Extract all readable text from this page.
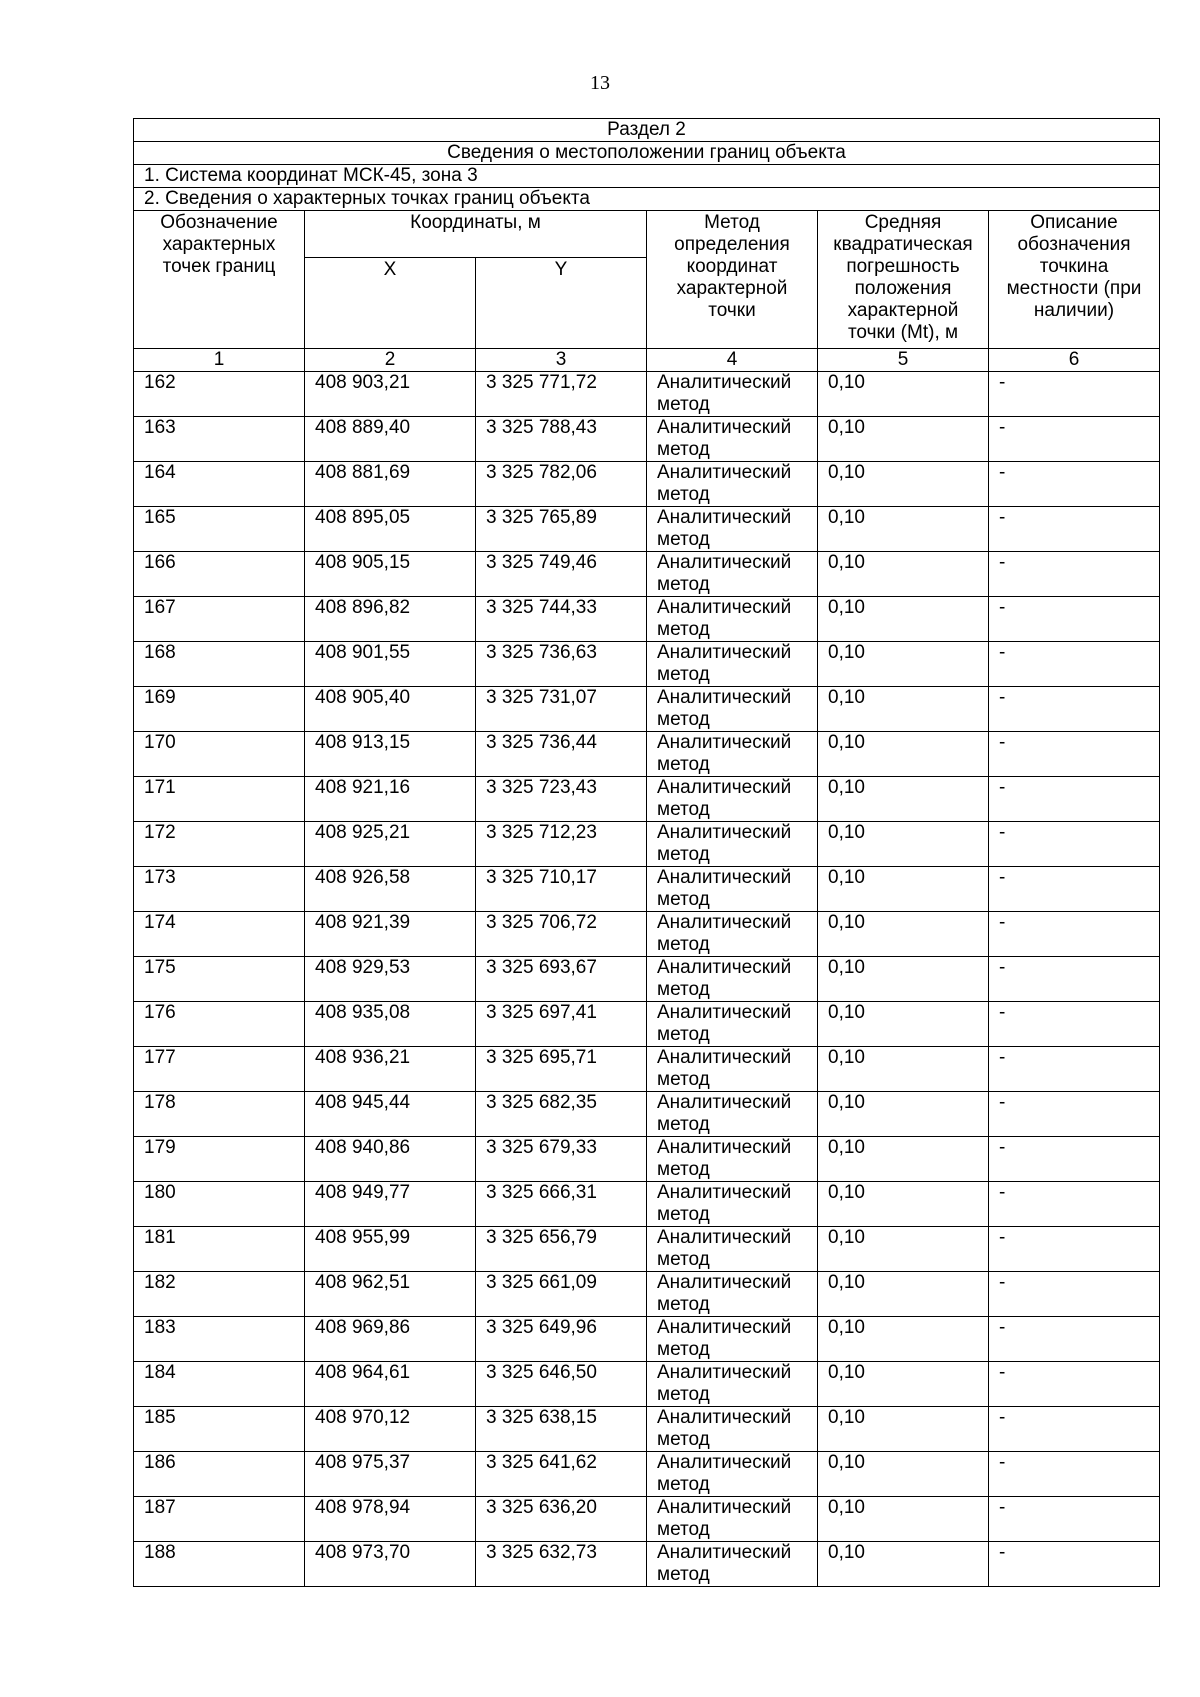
13
Раздел 2					
Сведения о местоположении границ объекта					
1. Система координат МСК-45, зона 3					
2. Сведения о характерных точках границ объекта					
Обозначение характерных точек границ	Координаты, м		Метод определения координат характерной точки	Средняя квадратическая погрешность положения характерной точки (Mt), м	Описание обозначения точкина местности (при наличии)
	X	Y			
1	2	3	4	5	6
162	408 903,21	3 325 771,72	Аналитический метод	0,10	-
163	408 889,40	3 325 788,43	Аналитический метод	0,10	-
164	408 881,69	3 325 782,06	Аналитический метод	0,10	-
165	408 895,05	3 325 765,89	Аналитический метод	0,10	-
166	408 905,15	3 325 749,46	Аналитический метод	0,10	-
167	408 896,82	3 325 744,33	Аналитический метод	0,10	-
168	408 901,55	3 325 736,63	Аналитический метод	0,10	-
169	408 905,40	3 325 731,07	Аналитический метод	0,10	-
170	408 913,15	3 325 736,44	Аналитический метод	0,10	-
171	408 921,16	3 325 723,43	Аналитический метод	0,10	-
172	408 925,21	3 325 712,23	Аналитический метод	0,10	-
173	408 926,58	3 325 710,17	Аналитический метод	0,10	-
174	408 921,39	3 325 706,72	Аналитический метод	0,10	-
175	408 929,53	3 325 693,67	Аналитический метод	0,10	-
176	408 935,08	3 325 697,41	Аналитический метод	0,10	-
177	408 936,21	3 325 695,71	Аналитический метод	0,10	-
178	408 945,44	3 325 682,35	Аналитический метод	0,10	-
179	408 940,86	3 325 679,33	Аналитический метод	0,10	-
180	408 949,77	3 325 666,31	Аналитический метод	0,10	-
181	408 955,99	3 325 656,79	Аналитический метод	0,10	-
182	408 962,51	3 325 661,09	Аналитический метод	0,10	-
183	408 969,86	3 325 649,96	Аналитический метод	0,10	-
184	408 964,61	3 325 646,50	Аналитический метод	0,10	-
185	408 970,12	3 325 638,15	Аналитический метод	0,10	-
186	408 975,37	3 325 641,62	Аналитический метод	0,10	-
187	408 978,94	3 325 636,20	Аналитический метод	0,10	-
188	408 973,70	3 325 632,73	Аналитический метод	0,10	-
